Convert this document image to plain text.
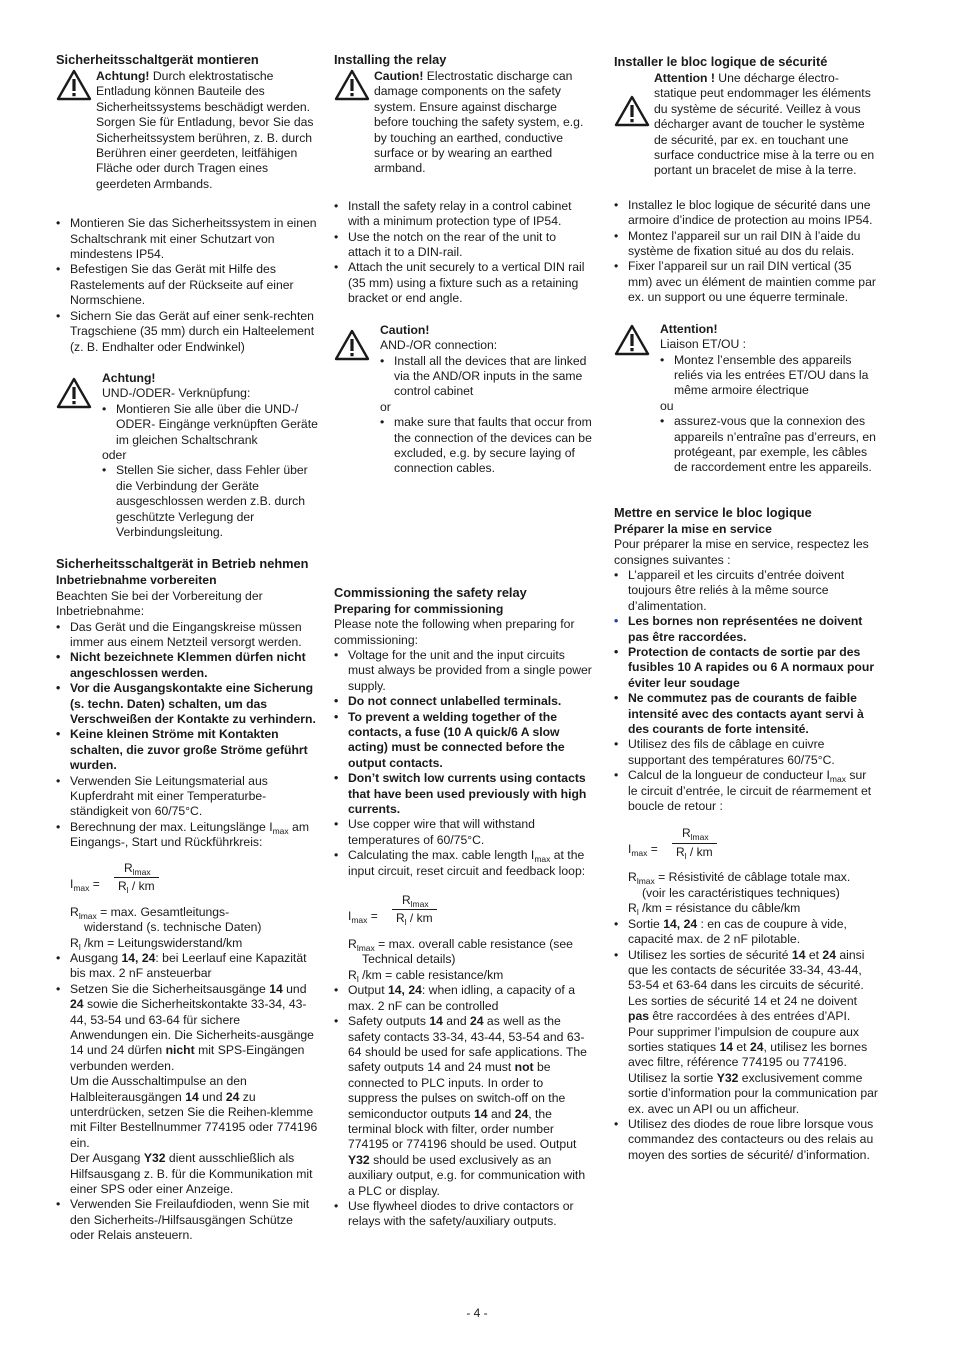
Sicherheitsschaltgerät montieren

Achtung! Durch elektrostatische Entladung können Bauteile des Sicherheitssystems beschädigt werden. Sorgen Sie für Entladung, bevor Sie das Sicherheitssystem berühren, z. B. durch Berühren einer geerdeten, leitfähigen Fläche oder durch Tragen eines geerdeten Armbands.

• Montieren Sie das Sicherheitssystem in einen Schaltschrank mit einer Schutzart von mindestens IP54.
• Befestigen Sie das Gerät mit Hilfe des Rastelements auf der Rückseite auf einer Normschiene.
• Sichern Sie das Gerät auf einer senk-rechten Tragschiene (35 mm) durch ein Halteelement (z. B. Endhalter oder Endwinkel)

Achtung!

UND-/ODER- Verknüpfung:

• Montieren Sie alle über die UND-/ ODER- Eingänge verknüpften Geräte im gleichen Schaltschrank

oder

• Stellen Sie sicher, dass Fehler über die Verbindung der Geräte ausgeschlossen werden z.B. durch geschützte Verlegung der Verbindungsleitung.
Sicherheitsschaltgerät in Betrieb nehmen
Inbetriebnahme vorbereiten

Beachten Sie bei der Vorbereitung der Inbetriebnahme:

• Das Gerät und die Eingangskreise müssen immer aus einem Netzteil versorgt werden.
• Nicht bezeichnete Klemmen dürfen nicht angeschlossen werden.
• Vor die Ausgangskontakte eine Sicherung (s. techn. Daten) schalten, um das Verschweißen der Kontakte zu verhindern.
• Keine kleinen Ströme mit Kontakten schalten, die zuvor große Ströme geführt wurden.
• Verwenden Sie Leitungsmaterial aus Kupferdraht mit einer Temperaturbe-ständigkeit von 60/75°C.
• Berechnung der max. Leitungslänge $I_{max}$ am Eingangs-, Start und Rückführkreis:
$I_{max}$ =
$R_{lmax}$
$R_l$ / km

$R_{lmax} = \max$. Gesamtleitungs-

widerstand (s. technische Daten)

$R_l$ /km = Leitungswiderstand/km

• Ausgang 14, 24: bei Leerlauf eine Kapazität bis max. 2 nF ansteuerbar
• Setzen Sie die Sicherheitsausgänge 14 und 24 sowie die Sicherheitskontakte 33-34, 43-44, 53-54 und 63-64 für sichere Anwendungen ein. Die Sicherheits-ausgänge 14 und 24 dürfen nicht mit SPS-Eingängen verbunden werden.
Um die Ausschaltimpulse an den Halbleiterausgängen 14 und 24 zu unterdrücken, setzen Sie die Reihen-klemme mit Filter Bestellnummer 774195 oder 774196 ein.
Der Ausgang Y32 dient ausschließlich als Hilfsausgang z. B. für die Kommunikation mit einer SPS oder einer Anzeige.
• Verwenden Sie Freilaufdioden, wenn Sie mit den Sicherheits-/Hilfsausgängen Schütze oder Relais ansteuern.
Installing the relay

Caution! Electrostatic discharge can damage components on the safety system. Ensure against discharge before touching the safety system, e.g. by touching an earthed, conductive surface or by wearing an earthed armband.

• Install the safety relay in a control cabinet with a minimum protection type of IP54.
• Use the notch on the rear of the unit to attach it to a DIN-rail.
• Attach the unit securely to a vertical DIN rail (35 mm) using a fixture such as a retaining bracket or end angle.

Caution!

AND-/OR connection:

• Install all the devices that are linked via the AND/OR inputs in the same control cabinet

or

• make sure that faults that occur from the connection of the devices can be excluded, e.g. by secure laying of connection cables.
Commissioning the safety relay
Preparing for commissioning

Please note the following when preparing for commissioning:

• Voltage for the unit and the input circuits must always be provided from a single power supply.
• Do not connect unlabelled terminals.
• To prevent a welding together of the contacts, a fuse (10 A quick/6 A slow acting) must be connected before the output contacts.
• Don’t switch low currents using contacts that have been used previously with high currents.
• Use copper wire that will withstand temperatures of 60/75°C.
• Calculating the max. cable length $I_{max}$ at the input circuit, reset circuit and feedback loop:
$I_{max}$ =
$R_{lmax}$
$R_l$ / km

$R_{lmax} = \max$. overall cable resistance (see

Technical details)

$R_l$ /km = cable resistance/km

• Output 14, 24: when idling, a capacity of a max. 2 nF can be controlled
• Safety outputs 14 and 24 as well as the safety contacts 33-34, 43-44, 53-54 and 63-64 should be used for safe applications. The safety outputs 14 and 24 must not be connected to PLC inputs. In order to suppress the pulses on switch-off on the semiconductor outputs 14 and 24, the terminal block with filter, order number 774195 or 774196 should be used. Output Y32 should be used exclusively as an auxiliary output, e.g. for communication with a PLC or display.
• Use flywheel diodes to drive contactors or relays with the safety/auxiliary outputs.
Installer le bloc logique de sécurité

Attention ! Une décharge électro-statique peut endommager les éléments du système de sécurité. Veillez à vous décharger avant de toucher le système de sécurité, par ex. en touchant une surface conductrice mise à la terre ou en portant un bracelet de mise à la terre.

• Installez le bloc logique de sécurité dans une armoire d’indice de protection au moins IP54.
• Montez l’appareil sur un rail DIN à l’aide du système de fixation situé au dos du relais.
• Fixer l’appareil sur un rail DIN vertical (35 mm) avec un élément de maintien comme par ex. un support ou une équerre terminale.

Attention!

Liaison ET/OU :

• Montez l’ensemble des appareils reliés via les entrées ET/OU dans la même armoire électrique

ou

• assurez-vous que la connexion des appareils n’entraîne pas d’erreurs, en protégeant, par exemple, les câbles de raccordement entre les appareils.
Mettre en service le bloc logique
Préparer la mise en service

Pour préparer la mise en service, respectez les consignes suivantes :

• L’appareil et les circuits d’entrée doivent toujours être reliés à la même source d’alimentation.
• Les bornes non représentées ne doivent pas être raccordées.
• Protection de contacts de sortie par des fusibles 10 A rapides ou 6 A normaux pour éviter leur soudage
• Ne commutez pas de courants de faible intensité avec des contacts ayant servi à des courants de forte intensité.
• Utilisez des fils de câblage en cuivre supportant des températures 60/75°C.
• Calcul de la longueur de conducteur $I_{max}$ sur le circuit d’entrée, le circuit de réarmement et boucle de retour :
$I_{max}$ =
$R_{lmax}$
$R_l$ / km

$R_{lmax}$ = Résistivité de câblage totale max.

(voir les caractéristiques techniques)

$R_l$ /km = résistance du câble/km

• Sortie 14, 24 : en cas de coupure à vide, capacité max. de 2 nF pilotable.
• Utilisez les sorties de sécurité 14 et 24 ainsi que les contacts de sécuritée 33-34, 43-44, 53-54 et 63-64 dans les circuits de sécurité. Les sorties de sécurité 14 et 24 ne doivent pas être raccordées à des entrées d’API. Pour supprimer l’impulsion de coupure aux sorties statiques 14 et 24, utilisez les bornes avec filtre, référence 774195 ou 774196. Utilisez la sortie Y32 exclusivement comme sortie d’information pour la communication par ex. avec un API ou un afficheur.
• Utilisez des diodes de roue libre lorsque vous commandez des contacteurs ou des relais au moyen des sorties de sécurité/ d’information.
- 4 -
